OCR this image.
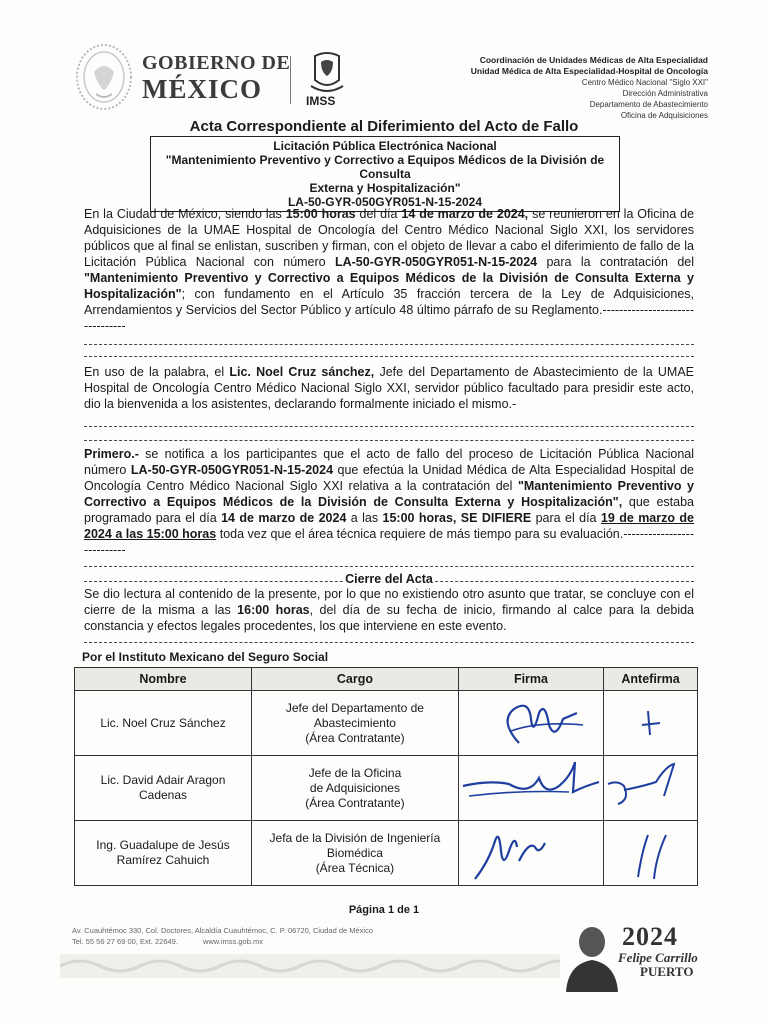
GOBIERNO DE
MÉXICO	IMSS
Coordinación de Unidades Médicas de Alta Especialidad
Unidad Médica de Alta Especialidad-Hospital de Oncología
Centro Médico Nacional "Siglo XXI"
Dirección Administrativa
Departamento de Abastecimiento
Oficina de Adquisiciones
Acta Correspondiente al Diferimiento del Acto de Fallo
Licitación Pública Electrónica Nacional
"Mantenimiento Preventivo y Correctivo a Equipos Médicos de la División de Consulta
Externa y Hospitalización"
LA-50-GYR-050GYR051-N-15-2024
En la Ciudad de México, siendo las 15:00 horas del día 14 de marzo de 2024, se reunieron en la Oficina de Adquisiciones de la UMAE Hospital de Oncología del Centro Médico Nacional Siglo XXI, los servidores públicos que al final se enlistan, suscriben y firman, con el objeto de llevar a cabo el diferimiento de fallo de la Licitación Pública Nacional con número LA-50-GYR-050GYR051-N-15-2024 para la contratación del "Mantenimiento Preventivo y Correctivo a Equipos Médicos de la División de Consulta Externa y Hospitalización"; con fundamento en el Artículo 35 fracción tercera de la Ley de Adquisiciones, Arrendamientos y Servicios del Sector Público y artículo 48 último párrafo de su Reglamento.--------------------------------
En uso de la palabra, el Lic. Noel Cruz sánchez, Jefe del Departamento de Abastecimiento de la UMAE Hospital de Oncología Centro Médico Nacional Siglo XXI, servidor público facultado para presidir este acto, dio la bienvenida a los asistentes, declarando formalmente iniciado el mismo.-
Primero.- se notifica a los participantes que el acto de fallo del proceso de Licitación Pública Nacional número LA-50-GYR-050GYR051-N-15-2024 que efectúa la Unidad Médica de Alta Especialidad Hospital de Oncología Centro Médico Nacional Siglo XXI relativa a la contratación del "Mantenimiento Preventivo y Correctivo a Equipos Médicos de la División de Consulta Externa y Hospitalización", que estaba programado para el día 14 de marzo de 2024 a las 15:00 horas, SE DIFIERE para el día 19 de marzo de 2024 a las 15:00 horas toda vez que el área técnica requiere de más tiempo para su evaluación.---------------------------
Cierre del Acta
Se dio lectura al contenido de la presente, por lo que no existiendo otro asunto que tratar, se concluye con el cierre de la misma a las 16:00 horas, del día de su fecha de inicio, firmando al calce para la debida constancia y efectos legales procedentes, los que interviene en este evento.
Por el Instituto Mexicano del Seguro Social
Nombre	Cargo	Firma	Antefirma
Lic. Noel Cruz Sánchez	Jefe del Departamento de
Abastecimiento
(Área Contratante)

Lic. David Adair Aragon Cadenas	Jefe de la Oficina
de Adquisiciones
(Área Contratante)

Ing. Guadalupe de Jesús Ramírez Cahuich	Jefa de la División de Ingeniería
Biomédica
(Área Técnica)

Página 1 de 1
Av. Cuauhtémoc 330, Col. Doctores, Alcaldía Cuauhtémoc, C. P. 06720, Ciudad de México
Tel. 55 56 27 69 00, Ext. 22649.	www.imss.gob.mx	2024
Felipe Carrillo
PUERTO
